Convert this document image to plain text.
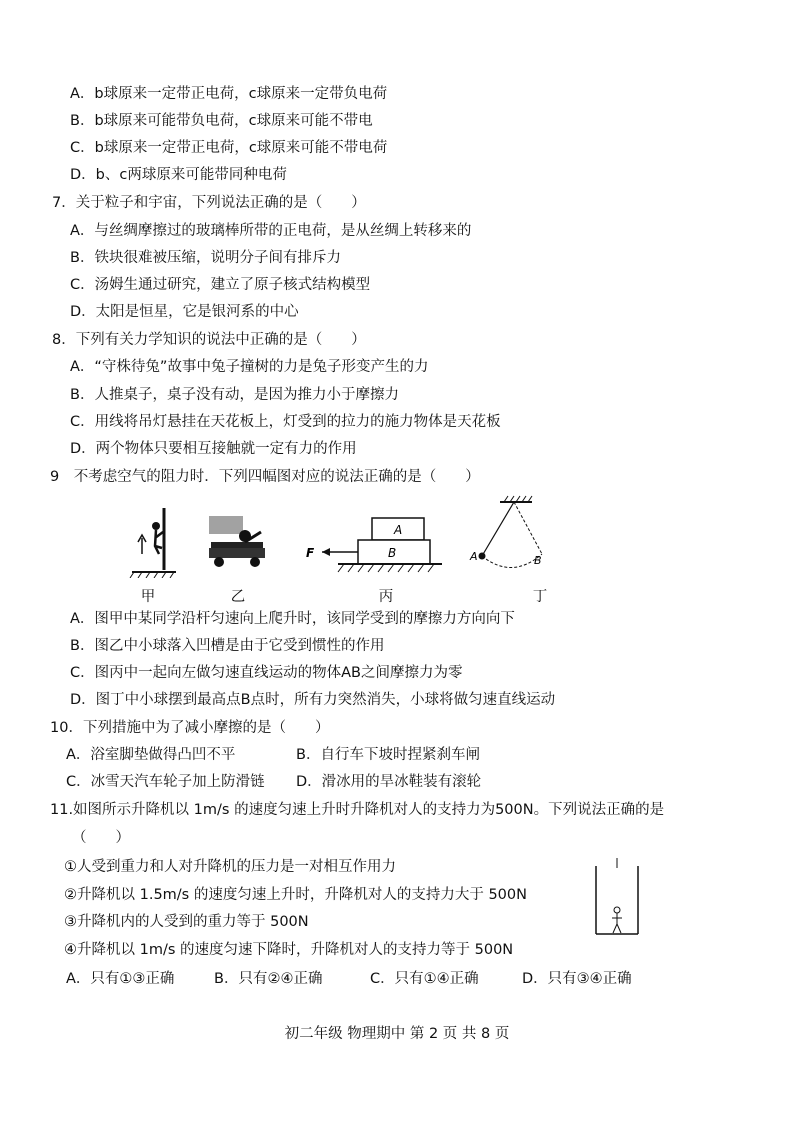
A．b球原来一定带正电荷，c球原来一定带负电荷
B．b球原来可能带负电荷，c球原来可能不带电
C．b球原来一定带正电荷，c球原来可能不带电荷
D．b、c两球原来可能带同种电荷
7．关于粒子和宇宙，下列说法正确的是（　　）
A．与丝绸摩擦过的玻璃棒所带的正电荷，是从丝绸上转移来的
B．铁块很难被压缩，说明分子间有排斥力
C．汤姆生通过研究，建立了原子核式结构模型
D．太阳是恒星，它是银河系的中心
8．下列有关力学知识的说法中正确的是（　　）
A．“守株待兔”故事中兔子撞树的力是兔子形变产生的力
B．人推桌子，桌子没有动，是因为推力小于摩擦力
C．用线将吊灯悬挂在天花板上，灯受到的拉力的施力物体是天花板
D．两个物体只要相互接触就一定有力的作用
9　不考虑空气的阻力时．下列四幅图对应的说法正确的是（　　）
A
B
F	A	B
甲	乙	丙	丁
A．图甲中某同学沿杆匀速向上爬升时，该同学受到的摩擦力方向向下
B．图乙中小球落入凹槽是由于它受到惯性的作用
C．图丙中一起向左做匀速直线运动的物体AB之间摩擦力为零
D．图丁中小球摆到最高点B点时，所有力突然消失，小球将做匀速直线运动
10．下列措施中为了减小摩擦的是（　　）
A．浴室脚垫做得凸凹不平	B．自行车下坡时捏紧刹车闸
C．冰雪天汽车轮子加上防滑链 D．滑冰用的旱冰鞋装有滚轮
11.如图所示升降机以 1m/s 的速度匀速上升时升降机对人的支持力为500N。下列说法正确的是
（　　）
①人受到重力和人对升降机的压力是一对相互作用力
②升降机以 1.5m/s 的速度匀速上升时，升降机对人的支持力大于 500N
③升降机内的人受到的重力等于 500N
④升降机以 1m/s 的速度匀速下降时，升降机对人的支持力等于 500N
A．只有①③正确	B．只有②④正确	C．只有①④正确	D．只有③④正确
初二年级 物理期中 第 2 页 共 8 页
